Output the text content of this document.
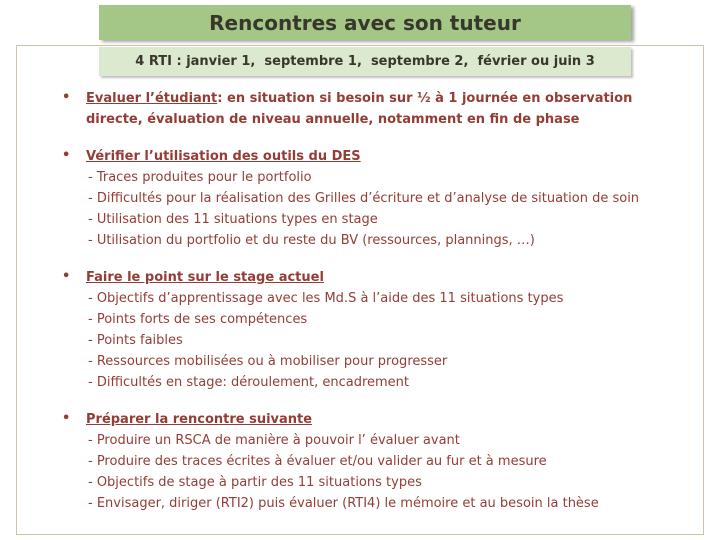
Rencontres avec son tuteur
4 RTI : janvier 1,  septembre 1,  septembre 2,  février ou juin 3
• Evaluer l’étudiant: en situation si besoin sur ½ à 1 journée en observation directe, évaluation de niveau annuelle, notamment en fin de phase
• Vérifier l’utilisation des outils du DES
- Traces produites pour le portfolio
- Difficultés pour la réalisation des Grilles d’écriture et d’analyse de situation de soin
- Utilisation des 11 situations types en stage
- Utilisation du portfolio et du reste du BV (ressources, plannings, …)
• Faire le point sur le stage actuel
- Objectifs d’apprentissage avec les Md.S à l’aide des 11 situations types
- Points forts de ses compétences
- Points faibles
- Ressources mobilisées ou à mobiliser pour progresser
- Difficultés en stage: déroulement, encadrement
• Préparer la rencontre suivante
- Produire un RSCA de manière à pouvoir l’ évaluer avant
- Produire des traces écrites à évaluer et/ou valider au fur et à mesure
- Objectifs de stage à partir des 11 situations types
- Envisager, diriger (RTI2) puis évaluer (RTI4) le mémoire et au besoin la thèse
